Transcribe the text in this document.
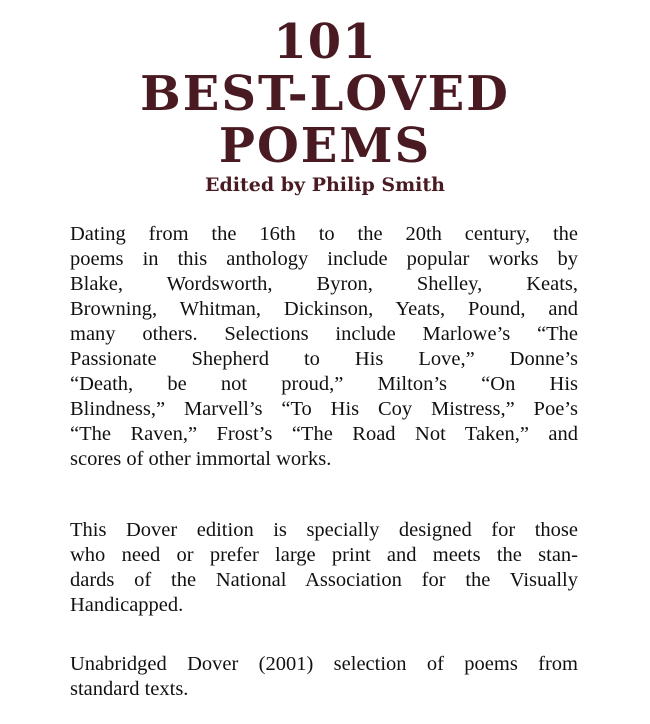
101
BEST-LOVED
POEMS

Edited by Philip Smith

Dating from the 16th to the 20th century, the
poems in this anthology include popular works by
Blake, Wordsworth, Byron, Shelley, Keats,
Browning, Whitman, Dickinson, Yeats, Pound, and
many others. Selections include Marlowe’s “The
Passionate Shepherd to His Love,” Donne’s
“Death, be not proud,” Milton’s “On His
Blindness,” Marvell’s “To His Coy Mistress,” Poe’s
“The Raven,” Frost’s “The Road Not Taken,” and
scores of other immortal works.

This Dover edition is specially designed for those
who need or prefer large print and meets the stan-
dards of the National Association for the Visually
Handicapped.

Unabridged Dover (2001) selection of poems from
standard texts.
